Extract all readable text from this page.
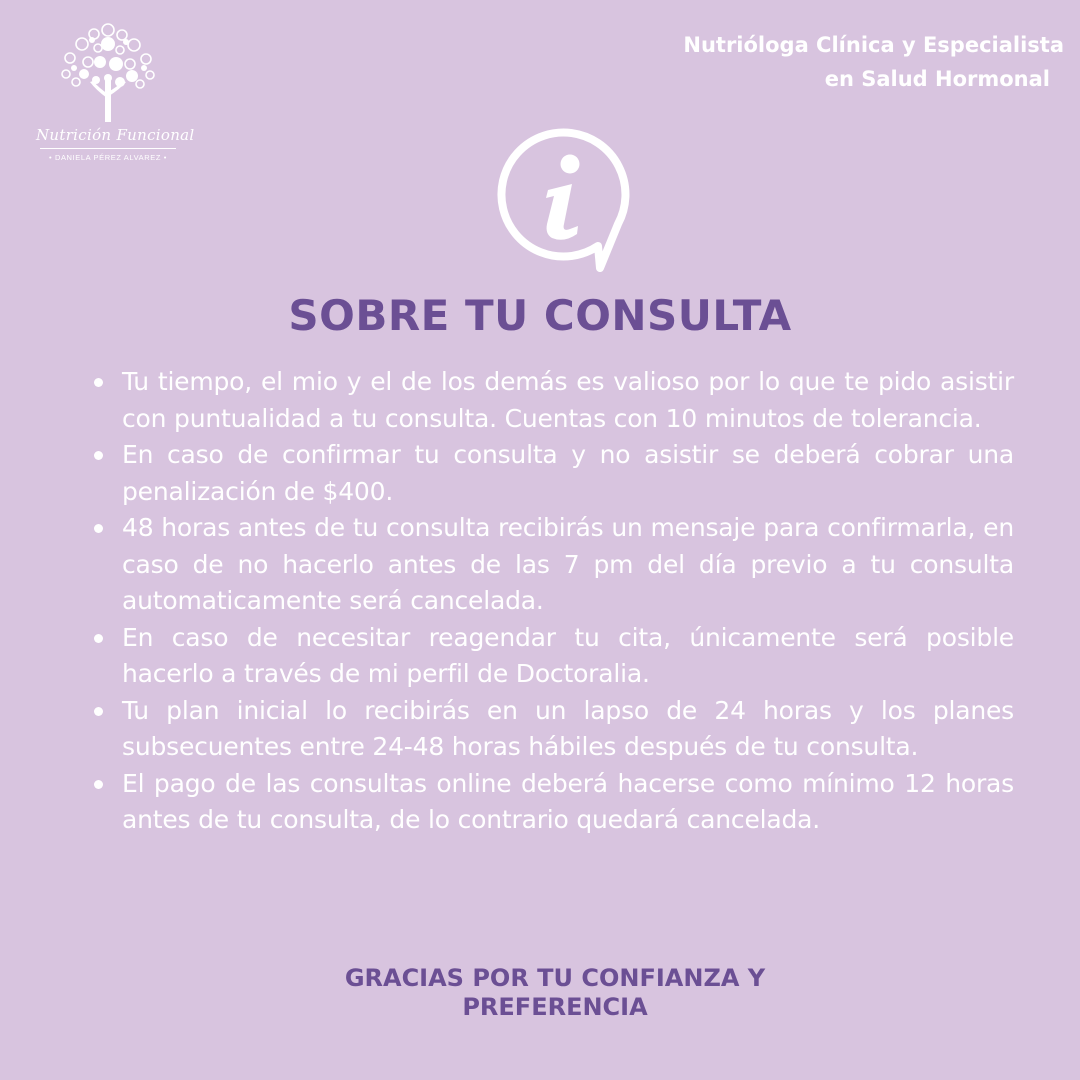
Nutrición Funcional
• DANIELA PÉREZ ALVAREZ •
Nutrióloga Clínica y Especialista
en Salud Hormonal
SOBRE TU CONSULTA
Tu tiempo, el mio y el de los demás es valioso por lo que te pido asistir con puntualidad a tu consulta. Cuentas con 10 minutos de tolerancia.
En caso de confirmar tu consulta y no asistir se deberá cobrar una penalización de $400.
48 horas antes de tu consulta recibirás un mensaje para confirmarla, en caso de no hacerlo antes de las 7 pm del día previo a tu consulta automaticamente será cancelada.
En caso de necesitar reagendar tu cita, únicamente será posible hacerlo a través de mi perfil de Doctoralia.
Tu plan inicial lo recibirás en un lapso de 24 horas y los planes subsecuentes entre 24-48 horas hábiles después de tu consulta.
El pago de las consultas online deberá hacerse como mínimo 12 horas antes de tu consulta, de lo contrario quedará cancelada.
GRACIAS POR TU CONFIANZA Y PREFERENCIA
